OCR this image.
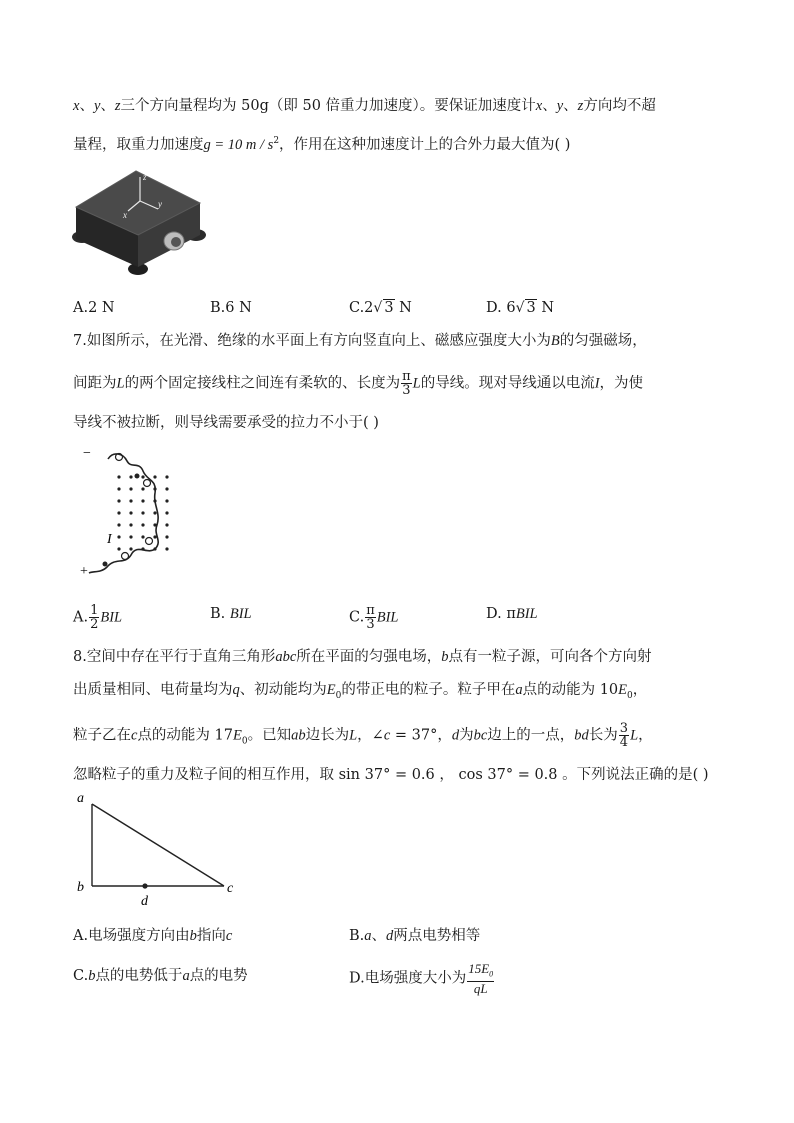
x、y、z三个方向量程均为 50g（即 50 倍重力加速度）。要保证加速度计x、y、z方向均不超
量程，取重力加速度g = 10 m / $s^2$，作用在这种加速度计上的合外力最大值为( )
z
x
y
A.2 N	B.6 N	C.2√ 3 N	D. 6√ 3 N
7.如图所示，在光滑、绝缘的水平面上有方向竖直向上、磁感应强度大小为B的匀强磁场，
间距为L的两个固定接线柱之间连有柔软的、长度为 $\frac{\pi}{3}$ L的导线。现对导线通以电流I，为使
导线不被拉断，则导线需要承受的拉力不小于( )
−
+
I
A. $\frac{1}{2}$ BIL	B. BIL	C. $\frac{\pi}{3}$ BIL	D. πBIL
8.空间中存在平行于直角三角形abc所在平面的匀强电场，b点有一粒子源，可向各个方向射
出质量相同、电荷量均为q、初动能均为$E_0$的带正电的粒子。粒子甲在a点的动能为 $10E_0$，
粒子乙在c点的动能为 $17E_0$。已知ab边长为L，∠c = 37°，d为bc边上的一点，bd长为 $\frac{3}{4}$ L，
忽略粒子的重力及粒子间的相互作用，取 sin 37° = 0.6 ， cos 37° = 0.8 。下列说法正确的是( )
a
b	c
d
A.电场强度方向由b指向c	B.a、d两点电势相等
C.b点的电势低于a点的电势	D.电场强度大小为 $\frac{15E_0}{qL}$
